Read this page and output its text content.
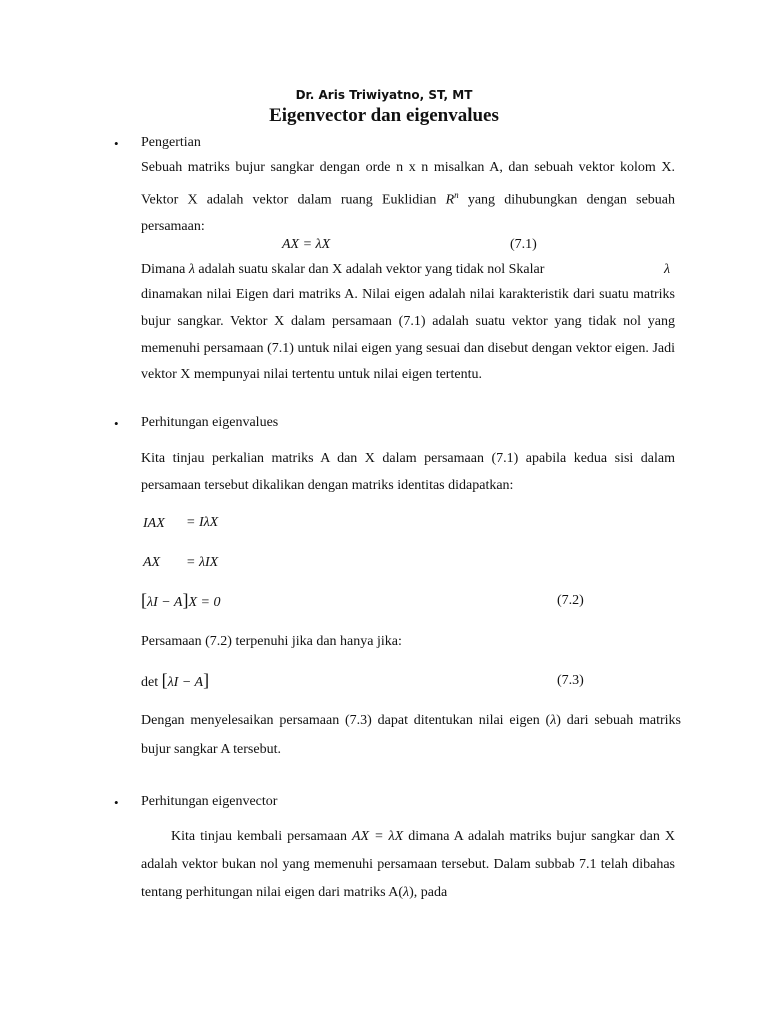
Dr. Aris Triwiyatno, ST, MT
Eigenvector dan eigenvalues
• Pengertian
Sebuah matriks bujur sangkar dengan orde n x n misalkan A, dan sebuah vektor kolom X. Vektor X adalah vektor dalam ruang Euklidian $R^n$ yang dihubungkan dengan sebuah persamaan:
AX = λX	(7.1)
Dimana λ adalah suatu skalar dan X adalah vektor yang tidak nol Skalar	λ
dinamakan nilai Eigen dari matriks A. Nilai eigen adalah nilai karakteristik dari suatu matriks bujur sangkar. Vektor X dalam persamaan (7.1) adalah suatu vektor yang tidak nol yang memenuhi persamaan (7.1) untuk nilai eigen yang sesuai dan disebut dengan vektor eigen. Jadi vektor X mempunyai nilai tertentu untuk nilai eigen tertentu.
• Perhitungan eigenvalues
Kita tinjau perkalian matriks A dan X dalam persamaan (7.1) apabila kedua sisi dalam persamaan tersebut dikalikan dengan matriks identitas didapatkan:
IAX = IλX
AX = λIX
[λI − A]X = 0	(7.2)
Persamaan (7.2) terpenuhi jika dan hanya jika:
det [λI − A]	(7.3)
Dengan menyelesaikan persamaan (7.3) dapat ditentukan nilai eigen (λ) dari sebuah matriks bujur sangkar A tersebut.
• Perhitungan eigenvector
Kita tinjau kembali persamaan AX = λX dimana A adalah matriks bujur sangkar dan X adalah vektor bukan nol yang memenuhi persamaan tersebut. Dalam subbab 7.1 telah dibahas tentang perhitungan nilai eigen dari matriks A(λ), pada
